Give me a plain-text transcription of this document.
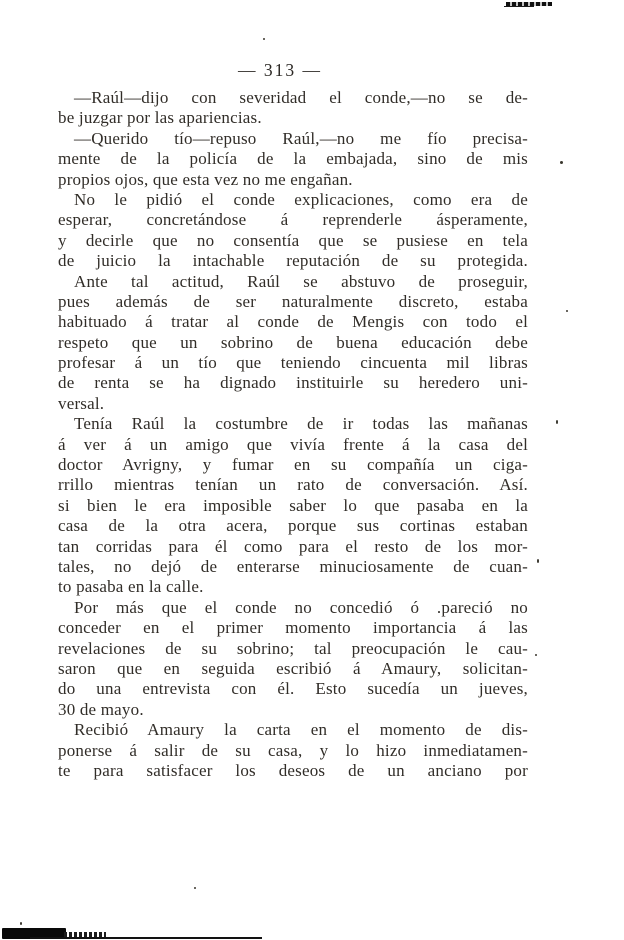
— 313 —
—Raúl—dijo con severidad el conde,—no se de-
be juzgar por las apariencias.
—Querido tío—repuso Raúl,—no me fío precisa-
mente de la policía de la embajada, sino de mis
propios ojos, que esta vez no me engañan.
No le pidió el conde explicaciones, como era de
esperar, concretándose á reprenderle ásperamente,
y decirle que no consentía que se pusiese en tela
de juicio la intachable reputación de su protegida.
Ante tal actitud, Raúl se abstuvo de proseguir,
pues además de ser naturalmente discreto, estaba
habituado á tratar al conde de Mengis con todo el
respeto que un sobrino de buena educación debe
profesar á un tío que teniendo cincuenta mil libras
de renta se ha dignado instituirle su heredero uni-
versal.
Tenía Raúl la costumbre de ir todas las mañanas
á ver á un amigo que vivía frente á la casa del
doctor Avrigny, y fumar en su compañía un ciga-
rrillo mientras tenían un rato de conversación. Así.
si bien le era imposible saber lo que pasaba en la
casa de la otra acera, porque sus cortinas estaban
tan corridas para él como para el resto de los mor-
tales, no dejó de enterarse minuciosamente de cuan-
to pasaba en la calle.
Por más que el conde no concedió ó .pareció no
conceder en el primer momento importancia á las
revelaciones de su sobrino; tal preocupación le cau-
saron que en seguida escribió á Amaury, solicitan-
do una entrevista con él. Esto sucedía un jueves,
30 de mayo.
Recibió Amaury la carta en el momento de dis-
ponerse á salir de su casa, y lo hizo inmediatamen-
te para satisfacer los deseos de un anciano por
